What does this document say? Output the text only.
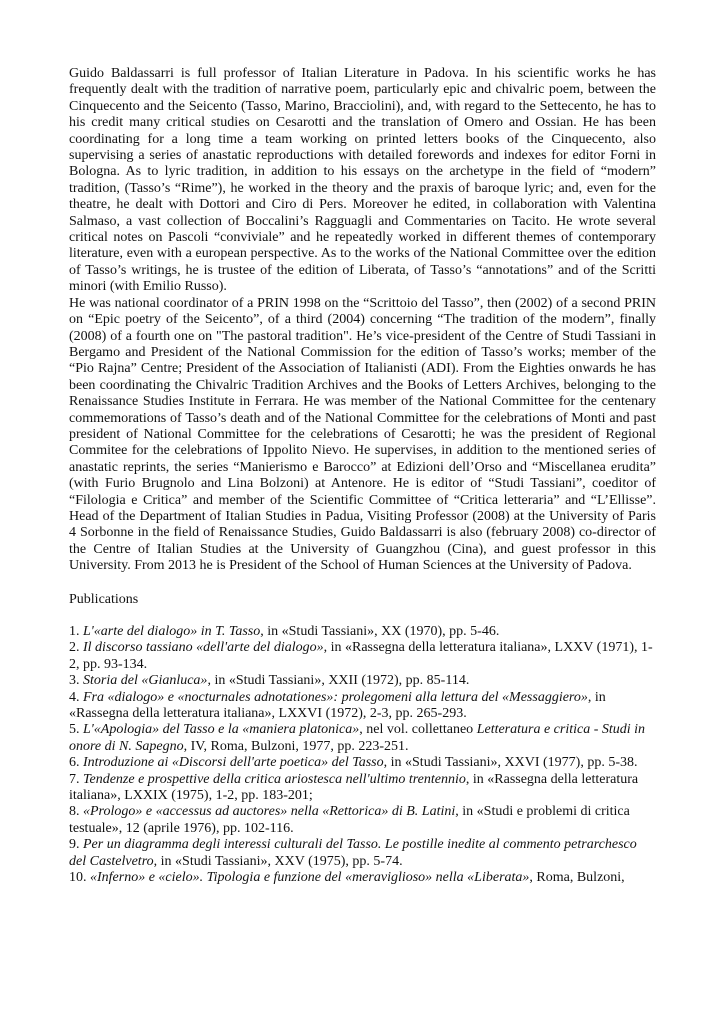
Guido Baldassarri is full professor of Italian Literature in Padova. In his scientific works he has frequently dealt with the tradition of narrative poem, particularly epic and chivalric poem, between the Cinquecento and the Seicento (Tasso, Marino, Bracciolini), and, with regard to the Settecento, he has to his credit many critical studies on Cesarotti and the translation of Omero and Ossian. He has been coordinating for a long time a team working on printed letters books of the Cinquecento, also supervising a series of anastatic reproductions with detailed forewords and indexes for editor Forni in Bologna. As to lyric tradition, in addition to his essays on the archetype in the field of “modern” tradition, (Tasso’s “Rime”), he worked in the theory and the praxis of baroque lyric; and, even for the theatre, he dealt with Dottori and Ciro di Pers. Moreover he edited, in collaboration with Valentina Salmaso, a vast collection of Boccalini’s Ragguagli and Commentaries on Tacito. He wrote several critical notes on Pascoli “conviviale” and he repeatedly worked in different themes of contemporary literature, even with a european perspective. As to the works of the National Committee over the edition of Tasso’s writings, he is trustee of the edition of Liberata, of Tasso’s “annotations” and of the Scritti minori (with Emilio Russo).

He was national coordinator of a PRIN 1998 on the “Scrittoio del Tasso”, then (2002) of a second PRIN on “Epic poetry of the Seicento”, of a third (2004) concerning “The tradition of the modern”, finally (2008) of a fourth one on "The pastoral tradition". He’s vice-president of the Centre of Studi Tassiani in Bergamo and President of the National Commission for the edition of Tasso’s works; member of the “Pio Rajna” Centre; President of the Association of Italianisti (ADI). From the Eighties onwards he has been coordinating the Chivalric Tradition Archives and the Books of Letters Archives, belonging to the Renaissance Studies Institute in Ferrara. He was member of the National Committee for the centenary commemorations of Tasso’s death and of the National Committee for the celebrations of Monti and past president of National Committee for the celebrations of Cesarotti; he was the president of Regional Commitee for the celebrations of Ippolito Nievo. He supervises, in addition to the mentioned series of anastatic reprints, the series “Manierismo e Barocco” at Edizioni dell’Orso and “Miscellanea erudita” (with Furio Brugnolo and Lina Bolzoni) at Antenore. He is editor of “Studi Tassiani”, coeditor of “Filologia e Critica” and member of the Scientific Committee of “Critica letteraria” and “L’Ellisse”. Head of the Department of Italian Studies in Padua, Visiting Professor (2008) at the University of Paris 4 Sorbonne in the field of Renaissance Studies, Guido Baldassarri is also (february 2008) co-director of the Centre of Italian Studies at the University of Guangzhou (Cina), and guest professor in this University. From 2013 he is President of the School of Human Sciences at the University of Padova.

Publications

1. L'«arte del dialogo» in T. Tasso, in «Studi Tassiani», XX (1970), pp. 5-46.
2. Il discorso tassiano «dell'arte del dialogo», in «Rassegna della letteratura italiana», LXXV (1971), 1-2, pp. 93-134.
3. Storia del «Gianluca», in «Studi Tassiani», XXII (1972), pp. 85-114.
4. Fra «dialogo» e «nocturnales adnotationes»: prolegomeni alla lettura del «Messaggiero», in «Rassegna della letteratura italiana», LXXVI (1972), 2-3, pp. 265-293.
5. L'«Apologia» del Tasso e la «maniera platonica», nel vol. collettaneo Letteratura e critica - Studi in onore di N. Sapegno, IV, Roma, Bulzoni, 1977, pp. 223-251.
6. Introduzione ai «Discorsi dell'arte poetica» del Tasso, in «Studi Tassiani», XXVI (1977), pp. 5-38.
7. Tendenze e prospettive della critica ariostesca nell'ultimo trentennio, in «Rassegna della letteratura italiana», LXXIX (1975), 1-2, pp. 183-201;
8. «Prologo» e «accessus ad auctores» nella «Rettorica» di B. Latini, in «Studi e problemi di critica testuale», 12 (aprile 1976), pp. 102-116.
9. Per un diagramma degli interessi culturali del Tasso. Le postille inedite al commento petrarchesco del Castelvetro, in «Studi Tassiani», XXV (1975), pp. 5-74.
10. «Inferno» e «cielo». Tipologia e funzione del «meraviglioso» nella «Liberata», Roma, Bulzoni,
